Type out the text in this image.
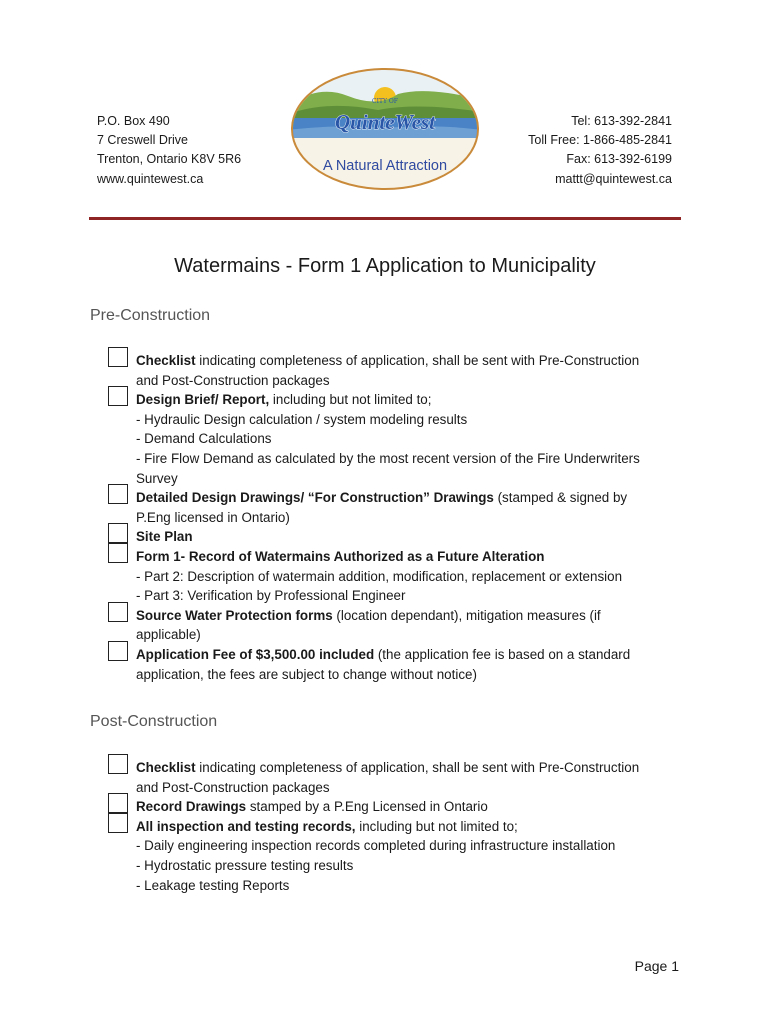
P.O. Box 490
7 Creswell Drive
Trenton, Ontario K8V 5R6
www.quintewest.ca
CITY OF
QuinteWest
A Natural Attraction
Tel: 613-392-2841
Toll Free: 1-866-485-2841
Fax: 613-392-6199
mattt@quintewest.ca
Watermains - Form 1 Application to Municipality
Pre-Construction
Checklist indicating completeness of application, shall be sent with Pre-Construction
and Post-Construction packages
Design Brief/ Report, including but not limited to;
- Hydraulic Design calculation / system modeling results
- Demand Calculations
- Fire Flow Demand as calculated by the most recent version of the Fire Underwriters
Survey
Detailed Design Drawings/ “For Construction” Drawings (stamped & signed by
P.Eng licensed in Ontario)
Site Plan
Form 1- Record of Watermains Authorized as a Future Alteration
- Part 2: Description of watermain addition, modification, replacement or extension
- Part 3: Verification by Professional Engineer
Source Water Protection forms (location dependant), mitigation measures (if
applicable)
Application Fee of $3,500.00 included (the application fee is based on a standard
application, the fees are subject to change without notice)
Post-Construction
Checklist indicating completeness of application, shall be sent with Pre-Construction
and Post-Construction packages
Record Drawings stamped by a P.Eng Licensed in Ontario
All inspection and testing records, including but not limited to;
- Daily engineering inspection records completed during infrastructure installation
- Hydrostatic pressure testing results
- Leakage testing Reports
Page 1
